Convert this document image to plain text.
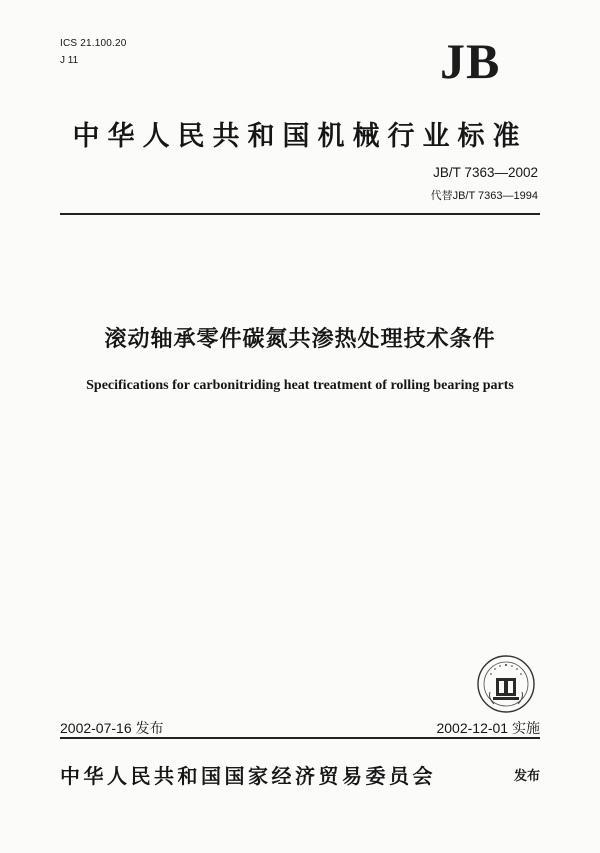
ICS 21.100.20
J 11	JB
中华人民共和国机械行业标准
JB/T 7363—2002
代替JB/T 7363—1994
滚动轴承零件碳氮共渗热处理技术条件
Specifications for carbonitriding heat treatment of rolling bearing parts
2002-07-16 发布	2002-12-01 实施
中华人民共和国国家经济贸易委员会	发布
